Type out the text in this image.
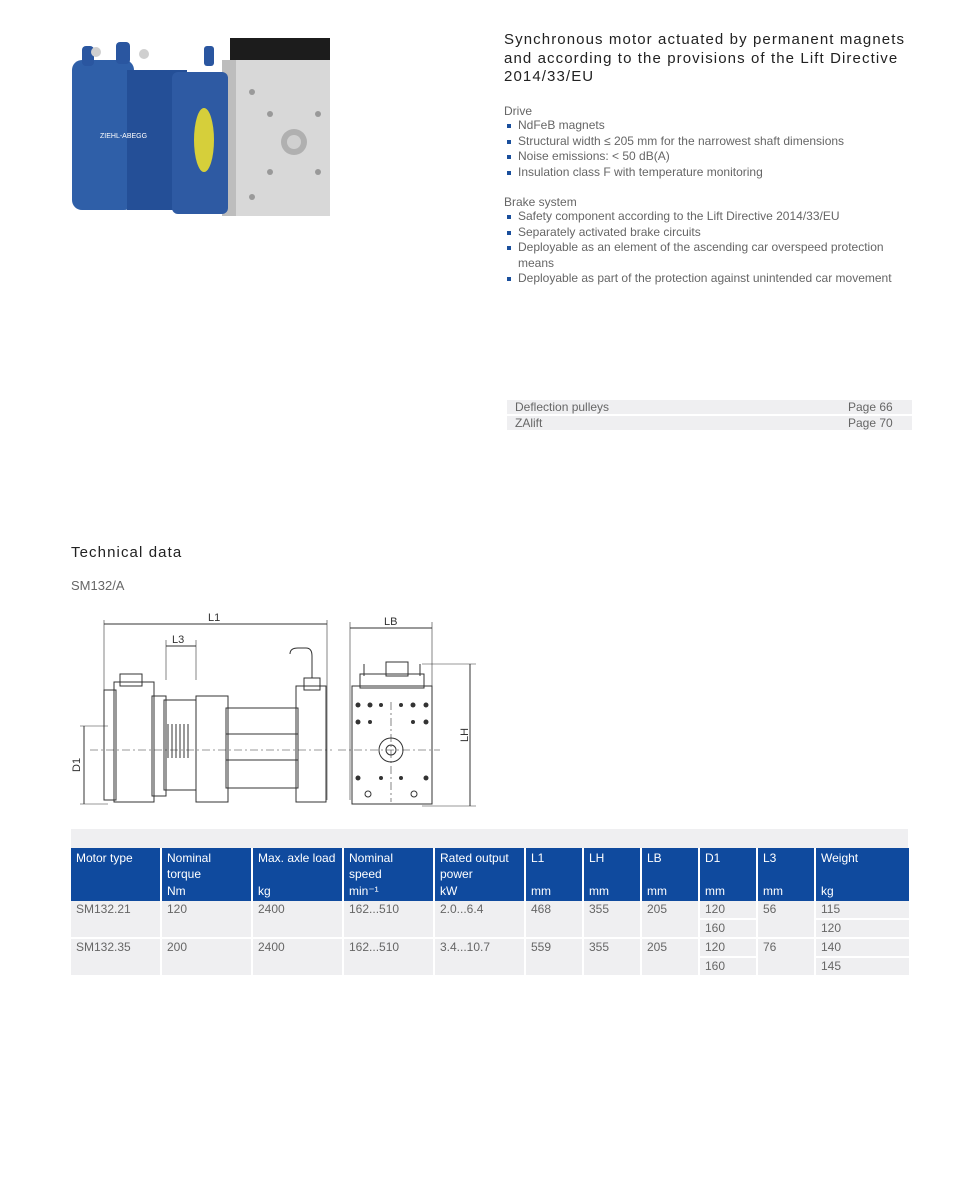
ZIEHL-ABEGG
Synchronous motor actuated by permanent magnets and according to the provisions of the Lift Directive 2014/33/EU
Drive
NdFeB magnets
Structural width ≤ 205 mm for the narrowest shaft dimensions
Noise emissions: < 50 dB(A)
Insulation class F with temperature monitoring
Brake system
Safety component according to the Lift Directive 2014/33/EU
Separately activated brake circuits
Deployable as an element of the ascending car overspeed protection means
Deployable as part of the protection against unintended car movement
Deflection pulleys	Page 66
ZAlift	Page 70
Technical data
SM132/A
L1
L3
D1
LB
LH
Motor type	Nominal torque	Max. axle load	Nominal speed	Rated output power	L1	LH	LB	D1	L3	Weight
	Nm	kg	min⁻¹	kW	mm	mm	mm	mm	mm	kg
SM132.21	120	2400	162...510	2.0...6.4	468	355	205	120	56	115
								160		120
SM132.35	200	2400	162...510	3.4...10.7	559	355	205	120	76	140
								160		145
